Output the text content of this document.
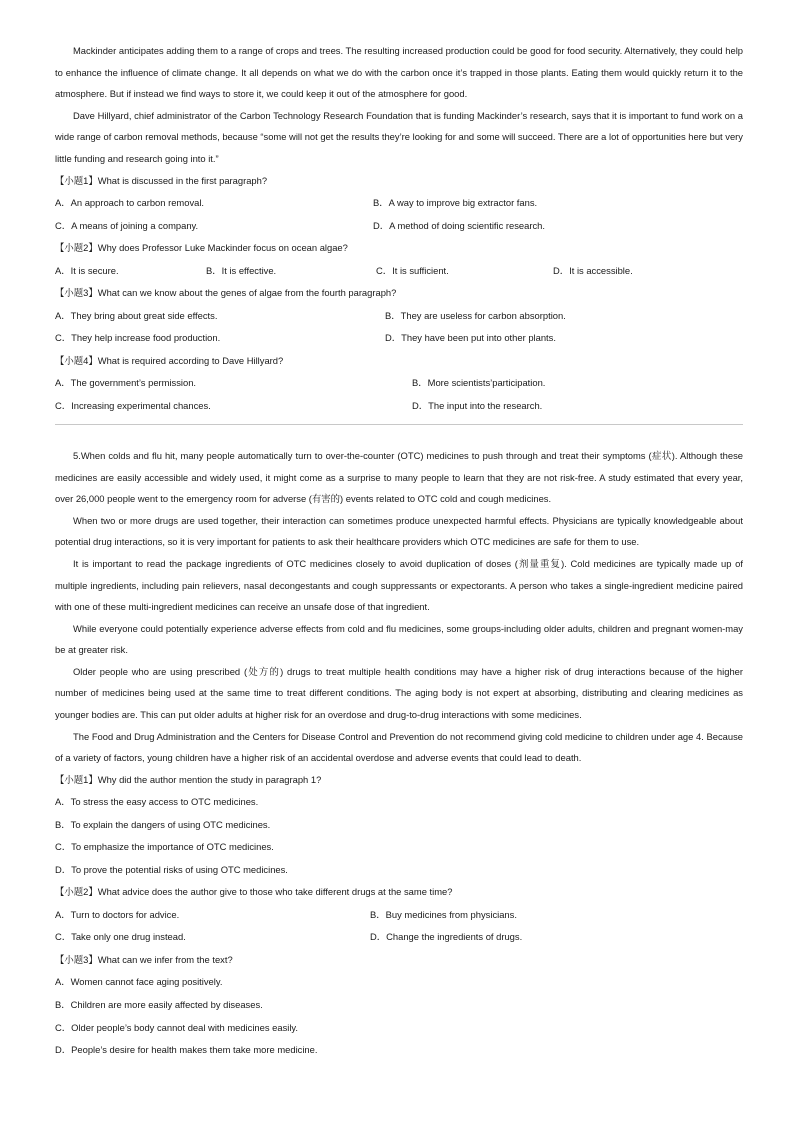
Mackinder anticipates adding them to a range of crops and trees. The resulting increased production could be good for food security. Alternatively, they could help to enhance the influence of climate change. It all depends on what we do with the carbon once it’s trapped in those plants. Eating them would quickly return it to the atmosphere. But if instead we find ways to store it, we could keep it out of the atmosphere for good.

Dave Hillyard, chief administrator of the Carbon Technology Research Foundation that is funding Mackinder’s research, says that it is important to fund work on a wide range of carbon removal methods, because “some will not get the results they’re looking for and some will succeed. There are a lot of opportunities here but very little funding and research going into it.”

【小题1】What is discussed in the first paragraph?

A．An approach to carbon removal.	B．A way to improve big extractor fans.
C．A means of joining a company.	D．A method of doing scientific research.

【小题2】Why does Professor Luke Mackinder focus on ocean algae?

A．It is secure.	B．It is effective.	C．It is sufficient.	D．It is accessible.

【小题3】What can we know about the genes of algae from the fourth paragraph?

A．They bring about great side effects.	B．They are useless for carbon absorption.
C．They help increase food production.	D．They have been put into other plants.

【小题4】What is required according to Dave Hillyard?

A．The government’s permission.	B．More scientists’participation.
C．Increasing experimental chances.	D．The input into the research.

5.When colds and flu hit, many people automatically turn to over-the-counter (OTC) medicines to push through and treat their symptoms (症状). Although these medicines are easily accessible and widely used, it might come as a surprise to many people to learn that they are not risk-free. A study estimated that every year, over 26,000 people went to the emergency room for adverse (有害的) events related to OTC cold and cough medicines.

When two or more drugs are used together, their interaction can sometimes produce unexpected harmful effects. Physicians are typically knowledgeable about potential drug interactions, so it is very important for patients to ask their healthcare providers which OTC medicines are safe for them to use.

It is important to read the package ingredients of OTC medicines closely to avoid duplication of doses (剂量重复). Cold medicines are typically made up of multiple ingredients, including pain relievers, nasal decongestants and cough suppressants or expectorants. A person who takes a single-ingredient medicine paired with one of these multi-ingredient medicines can receive an unsafe dose of that ingredient.

While everyone could potentially experience adverse effects from cold and flu medicines, some groups-including older adults, children and pregnant women-may be at greater risk.

Older people who are using prescribed (处方的) drugs to treat multiple health conditions may have a higher risk of drug interactions because of the higher number of medicines being used at the same time to treat different conditions. The aging body is not expert at absorbing, distributing and clearing medicines as younger bodies are. This can put older adults at higher risk for an overdose and drug-to-drug interactions with some medicines.

The Food and Drug Administration and the Centers for Disease Control and Prevention do not recommend giving cold medicine to children under age 4. Because of a variety of factors, young children have a higher risk of an accidental overdose and adverse events that could lead to death.

【小题1】Why did the author mention the study in paragraph 1?

A．To stress the easy access to OTC medicines.

B．To explain the dangers of using OTC medicines.

C．To emphasize the importance of OTC medicines.

D．To prove the potential risks of using OTC medicines.

【小题2】What advice does the author give to those who take different drugs at the same time?

A．Turn to doctors for advice.	B．Buy medicines from physicians.
C．Take only one drug instead.	D．Change the ingredients of drugs.

【小题3】What can we infer from the text?

A．Women cannot face aging positively.

B．Children are more easily affected by diseases.

C．Older people’s body cannot deal with medicines easily.

D．People’s desire for health makes them take more medicine.
